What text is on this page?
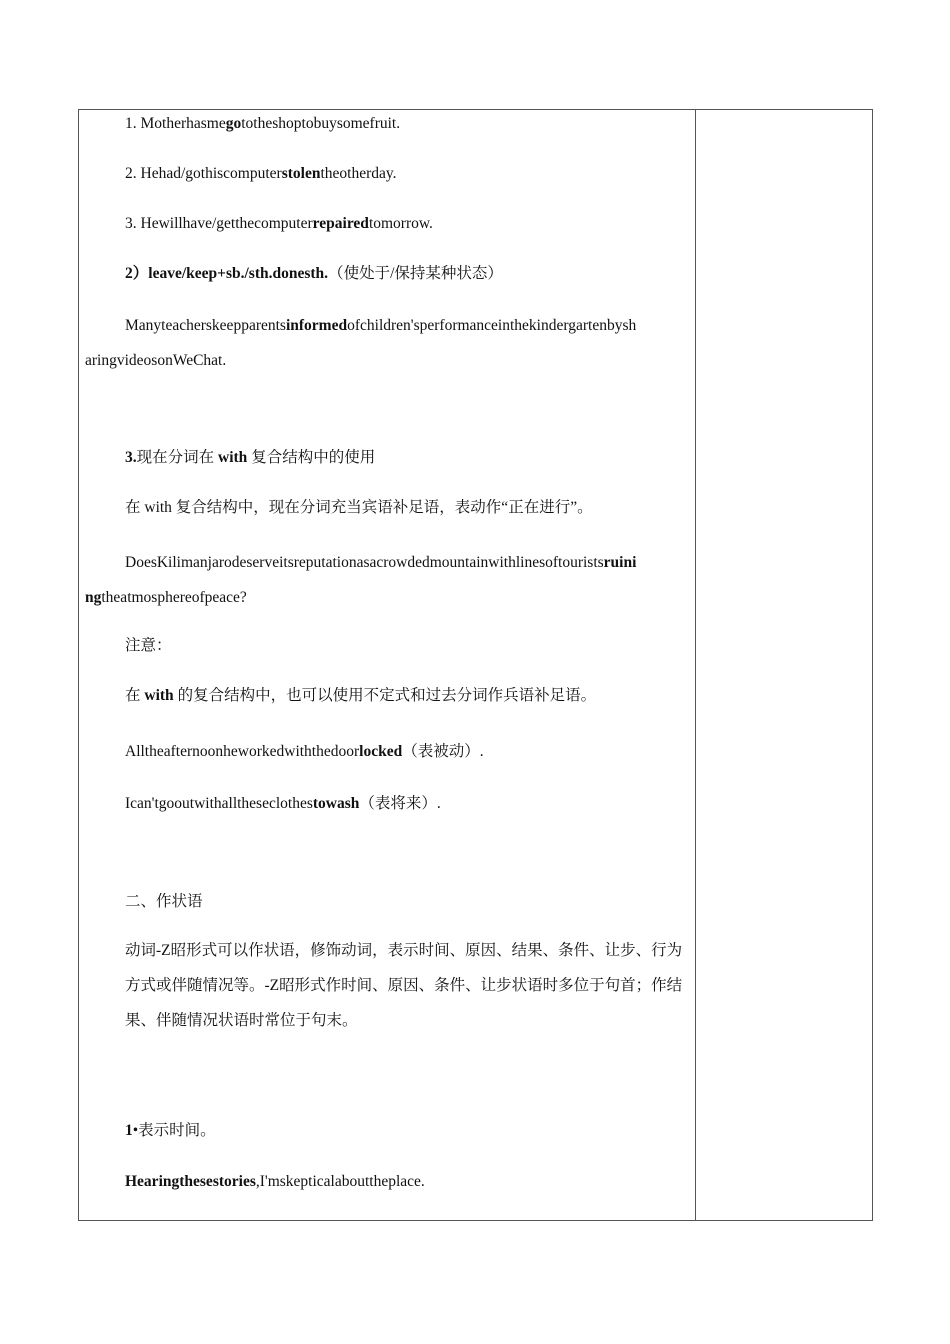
1. Motherhasmegototheshoptobuysomefruit.
2. Hehad/gothiscomputerstolentheotherday.
3. Hewillhave/getthecomputerrepairedtomorrow.
2）leave/keep+sb./sth.donesth.（使处于/保持某种状态）
Manyteacherskeepparentsinformedofchildren'sperformanceinthekindergartenbysh
aringvideosonWeChat.
3.现在分词在 with 复合结构中的使用
在 with 复合结构中，现在分词充当宾语补足语，表动作“正在进行”。
DoesKilimanjarodeserveitsreputationasacrowdedmountainwithlinesoftouristsruini
ngtheatmosphereofpeace?
注意：
在 with 的复合结构中，也可以使用不定式和过去分词作兵语补足语。
Alltheafternoonheworkedwiththedoorlocked（表被动）.
Ican'tgooutwithalltheseclothestowash（表将来）.
二、作状语
动词-Z昭形式可以作状语，修饰动词，表示时间、原因、结果、条件、让步、行为方式或伴随情况等。-Z昭形式作时间、原因、条件、让步状语时多位于句首；作结果、伴随情况状语时常位于句末。
1•表示时间。
Hearingthesestories,I'mskepticalabouttheplace.
